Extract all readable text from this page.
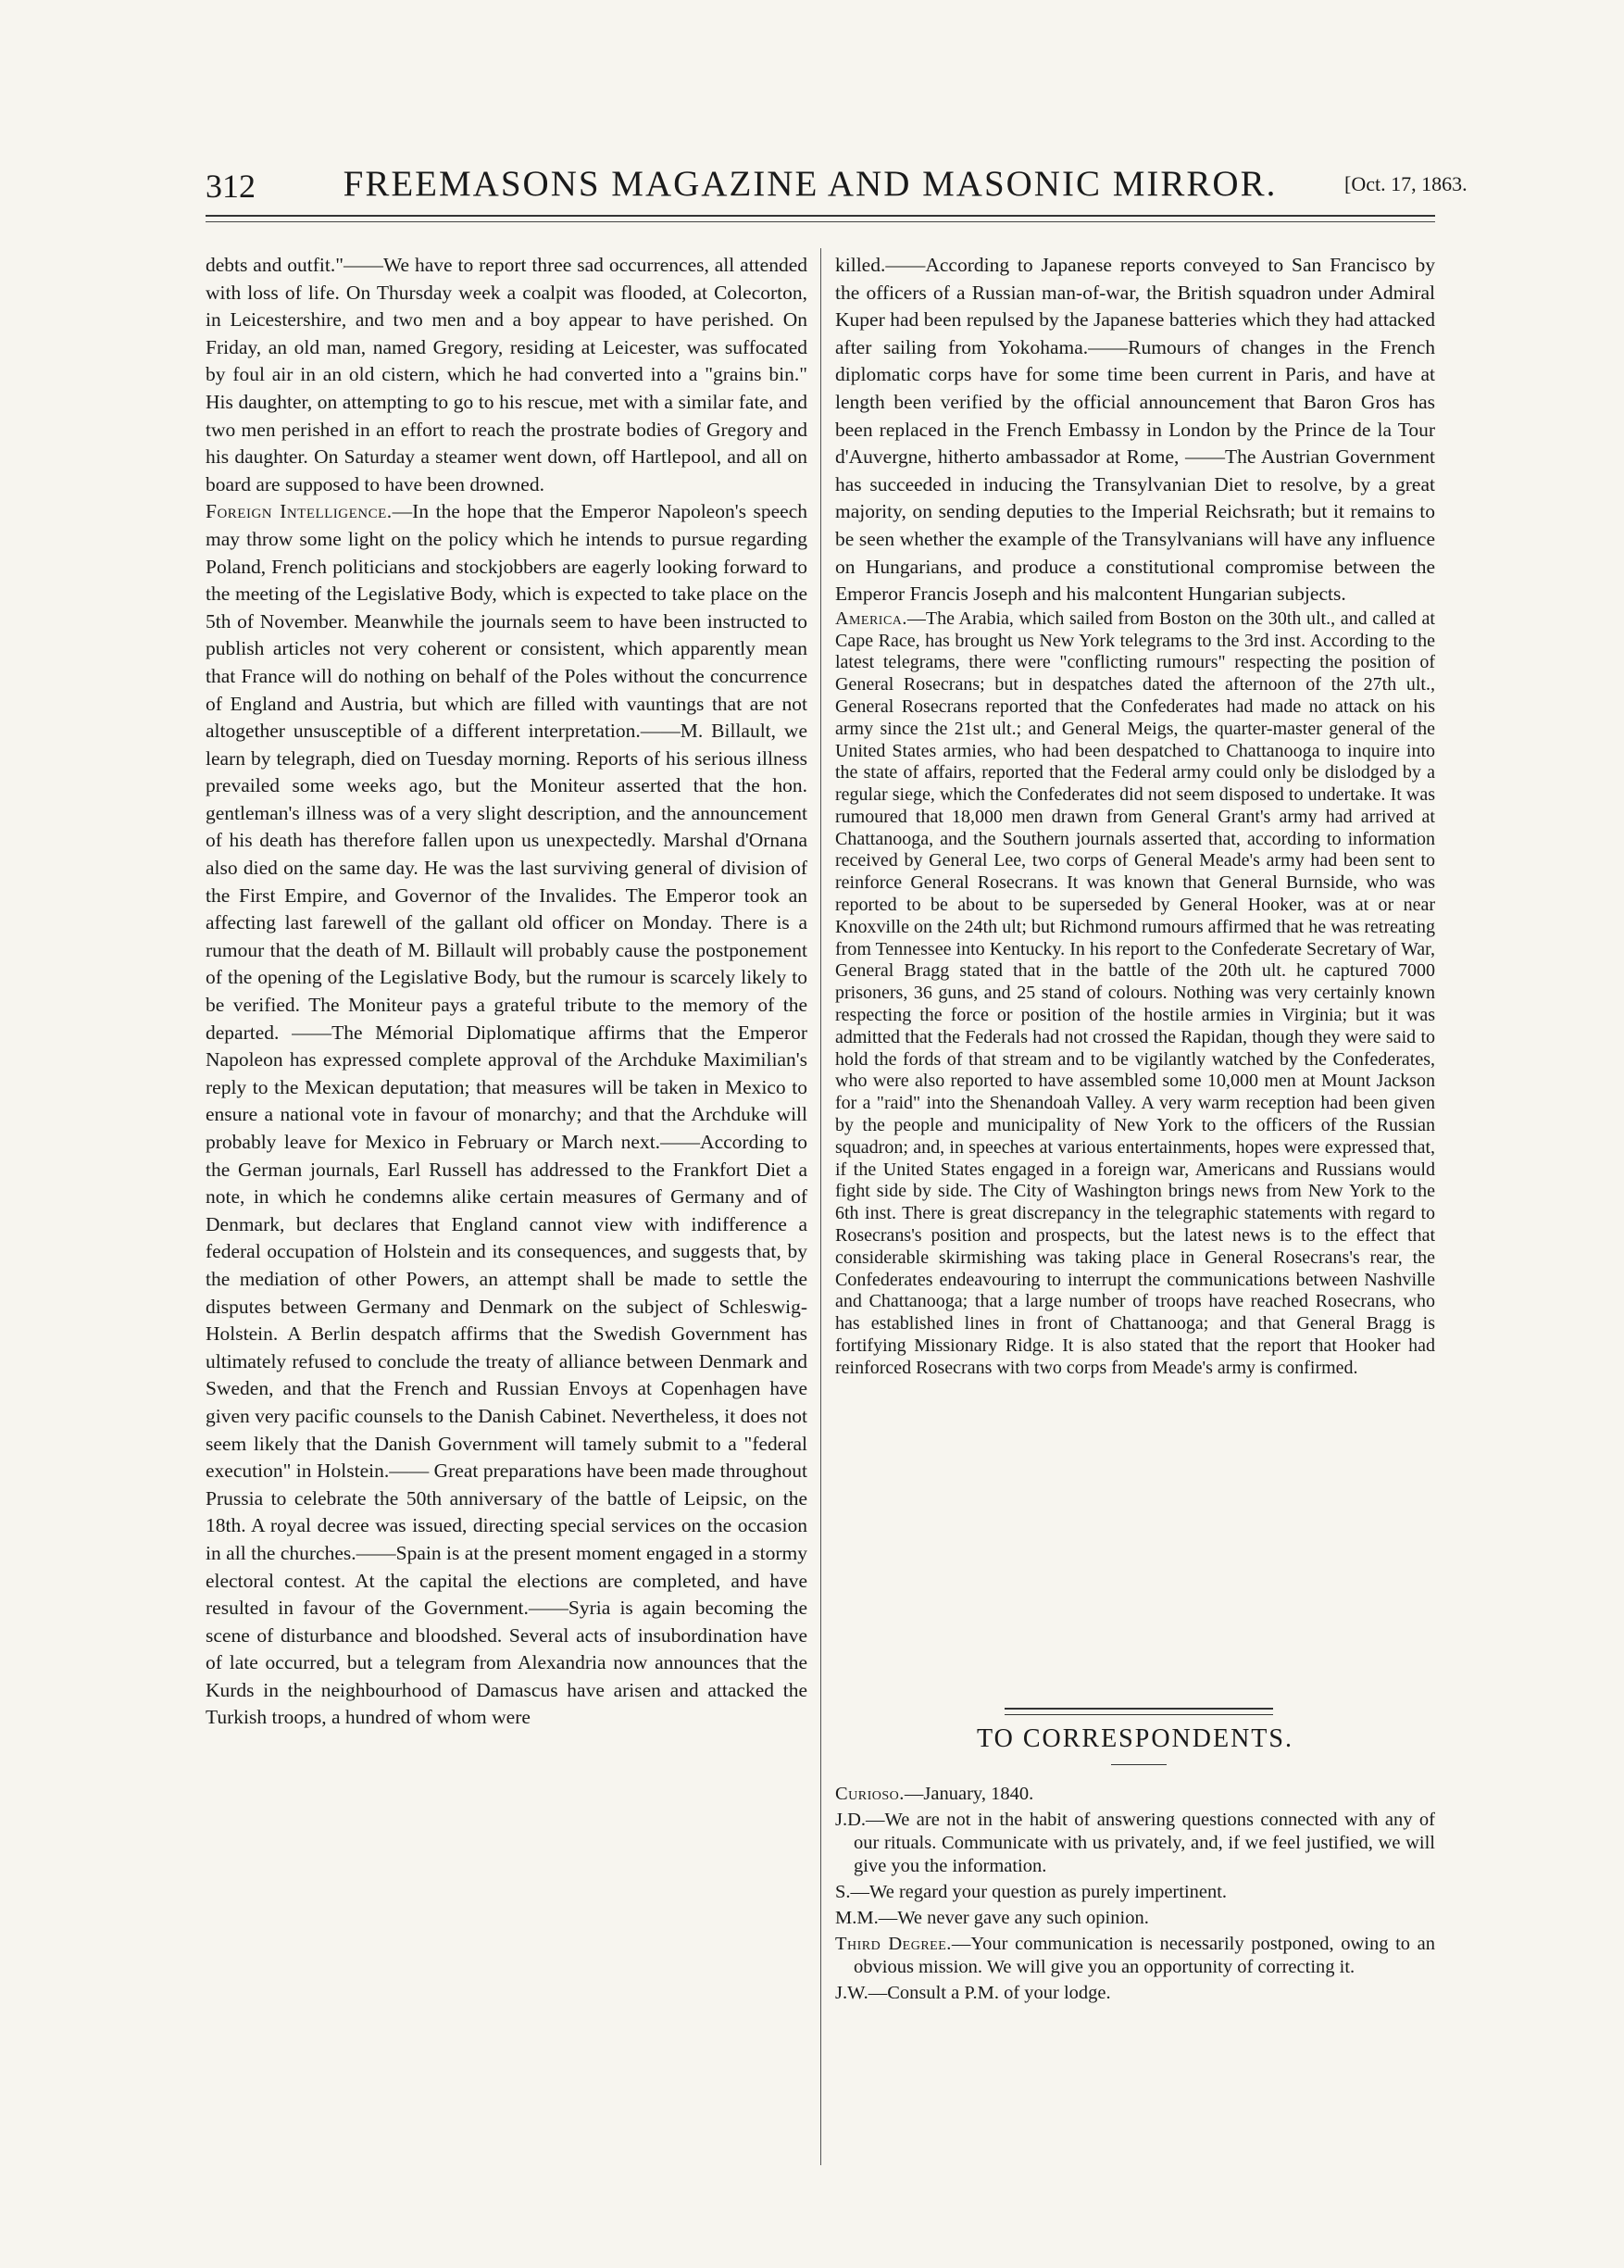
312	FREEMASONS MAGAZINE AND MASONIC MIRROR.	[Oct. 17, 1863.

debts and outfit."——We have to report three sad occurrences, all attended with loss of life. On Thursday week a coalpit was flooded, at Colecorton, in Leicestershire, and two men and a boy appear to have perished. On Friday, an old man, named Gregory, residing at Leicester, was suffocated by foul air in an old cistern, which he had converted into a "grains bin." His daughter, on attempting to go to his rescue, met with a similar fate, and two men perished in an effort to reach the prostrate bodies of Gregory and his daughter. On Saturday a steamer went down, off Hartlepool, and all on board are supposed to have been drowned.

Foreign Intelligence.—In the hope that the Emperor Napoleon's speech may throw some light on the policy which he intends to pursue regarding Poland, French politicians and stockjobbers are eagerly looking forward to the meeting of the Legislative Body, which is expected to take place on the 5th of November. Meanwhile the journals seem to have been instructed to publish articles not very coherent or consistent, which apparently mean that France will do nothing on behalf of the Poles without the concurrence of England and Austria, but which are filled with vauntings that are not altogether unsusceptible of a different interpretation.——M. Billault, we learn by telegraph, died on Tuesday morning. Reports of his serious illness prevailed some weeks ago, but the Moniteur asserted that the hon. gentleman's illness was of a very slight description, and the announcement of his death has therefore fallen upon us unexpectedly. Marshal d'Ornana also died on the same day. He was the last surviving general of division of the First Empire, and Governor of the Invalides. The Emperor took an affecting last farewell of the gallant old officer on Monday. There is a rumour that the death of M. Billault will probably cause the postponement of the opening of the Legislative Body, but the rumour is scarcely likely to be verified. The Moniteur pays a grateful tribute to the memory of the departed. ——The Mémorial Diplomatique affirms that the Emperor Napoleon has expressed complete approval of the Archduke Maximilian's reply to the Mexican deputation; that measures will be taken in Mexico to ensure a national vote in favour of monarchy; and that the Archduke will probably leave for Mexico in February or March next.——According to the German journals, Earl Russell has addressed to the Frankfort Diet a note, in which he condemns alike certain measures of Germany and of Denmark, but declares that England cannot view with indifference a federal occupation of Holstein and its consequences, and suggests that, by the mediation of other Powers, an attempt shall be made to settle the disputes between Germany and Denmark on the subject of Schleswig-Holstein. A Berlin despatch affirms that the Swedish Government has ultimately refused to conclude the treaty of alliance between Denmark and Sweden, and that the French and Russian Envoys at Copenhagen have given very pacific counsels to the Danish Cabinet. Nevertheless, it does not seem likely that the Danish Government will tamely submit to a "federal execution" in Holstein.—— Great preparations have been made throughout Prussia to celebrate the 50th anniversary of the battle of Leipsic, on the 18th. A royal decree was issued, directing special services on the occasion in all the churches.——Spain is at the present moment engaged in a stormy electoral contest. At the capital the elections are completed, and have resulted in favour of the Government.——Syria is again becoming the scene of disturbance and bloodshed. Several acts of insubordination have of late occurred, but a telegram from Alexandria now announces that the Kurds in the neighbourhood of Damascus have arisen and attacked the Turkish troops, a hundred of whom were

killed.——According to Japanese reports conveyed to San Francisco by the officers of a Russian man-of-war, the British squadron under Admiral Kuper had been repulsed by the Japanese batteries which they had attacked after sailing from Yokohama.——Rumours of changes in the French diplomatic corps have for some time been current in Paris, and have at length been verified by the official announcement that Baron Gros has been replaced in the French Embassy in London by the Prince de la Tour d'Auvergne, hitherto ambassador at Rome, ——The Austrian Government has succeeded in inducing the Transylvanian Diet to resolve, by a great majority, on sending deputies to the Imperial Reichsrath; but it remains to be seen whether the example of the Transylvanians will have any influence on Hungarians, and produce a constitutional compromise between the Emperor Francis Joseph and his malcontent Hungarian subjects.

America.—The Arabia, which sailed from Boston on the 30th ult., and called at Cape Race, has brought us New York telegrams to the 3rd inst. According to the latest telegrams, there were "conflicting rumours" respecting the position of General Rosecrans; but in despatches dated the afternoon of the 27th ult., General Rosecrans reported that the Confederates had made no attack on his army since the 21st ult.; and General Meigs, the quarter-master general of the United States armies, who had been despatched to Chattanooga to inquire into the state of affairs, reported that the Federal army could only be dislodged by a regular siege, which the Confederates did not seem disposed to undertake. It was rumoured that 18,000 men drawn from General Grant's army had arrived at Chattanooga, and the Southern journals asserted that, according to information received by General Lee, two corps of General Meade's army had been sent to reinforce General Rosecrans. It was known that General Burnside, who was reported to be about to be superseded by General Hooker, was at or near Knoxville on the 24th ult; but Richmond rumours affirmed that he was retreating from Tennessee into Kentucky. In his report to the Confederate Secretary of War, General Bragg stated that in the battle of the 20th ult. he captured 7000 prisoners, 36 guns, and 25 stand of colours. Nothing was very certainly known respecting the force or position of the hostile armies in Virginia; but it was admitted that the Federals had not crossed the Rapidan, though they were said to hold the fords of that stream and to be vigilantly watched by the Confederates, who were also reported to have assembled some 10,000 men at Mount Jackson for a "raid" into the Shenandoah Valley. A very warm reception had been given by the people and municipality of New York to the officers of the Russian squadron; and, in speeches at various entertainments, hopes were expressed that, if the United States engaged in a foreign war, Americans and Russians would fight side by side. The City of Washington brings news from New York to the 6th inst. There is great discrepancy in the telegraphic statements with regard to Rosecrans's position and prospects, but the latest news is to the effect that considerable skirmishing was taking place in General Rosecrans's rear, the Confederates endeavouring to interrupt the communications between Nashville and Chattanooga; that a large number of troops have reached Rosecrans, who has established lines in front of Chattanooga; and that General Bragg is fortifying Missionary Ridge. It is also stated that the report that Hooker had reinforced Rosecrans with two corps from Meade's army is confirmed.

TO CORRESPONDENTS.

Curioso.—January, 1840.

J.D.—We are not in the habit of answering questions connected with any of our rituals. Communicate with us privately, and, if we feel justified, we will give you the information.

S.—We regard your question as purely impertinent.

M.M.—We never gave any such opinion.

Third Degree.—Your communication is necessarily postponed, owing to an obvious mission. We will give you an opportunity of correcting it.

J.W.—Consult a P.M. of your lodge.
